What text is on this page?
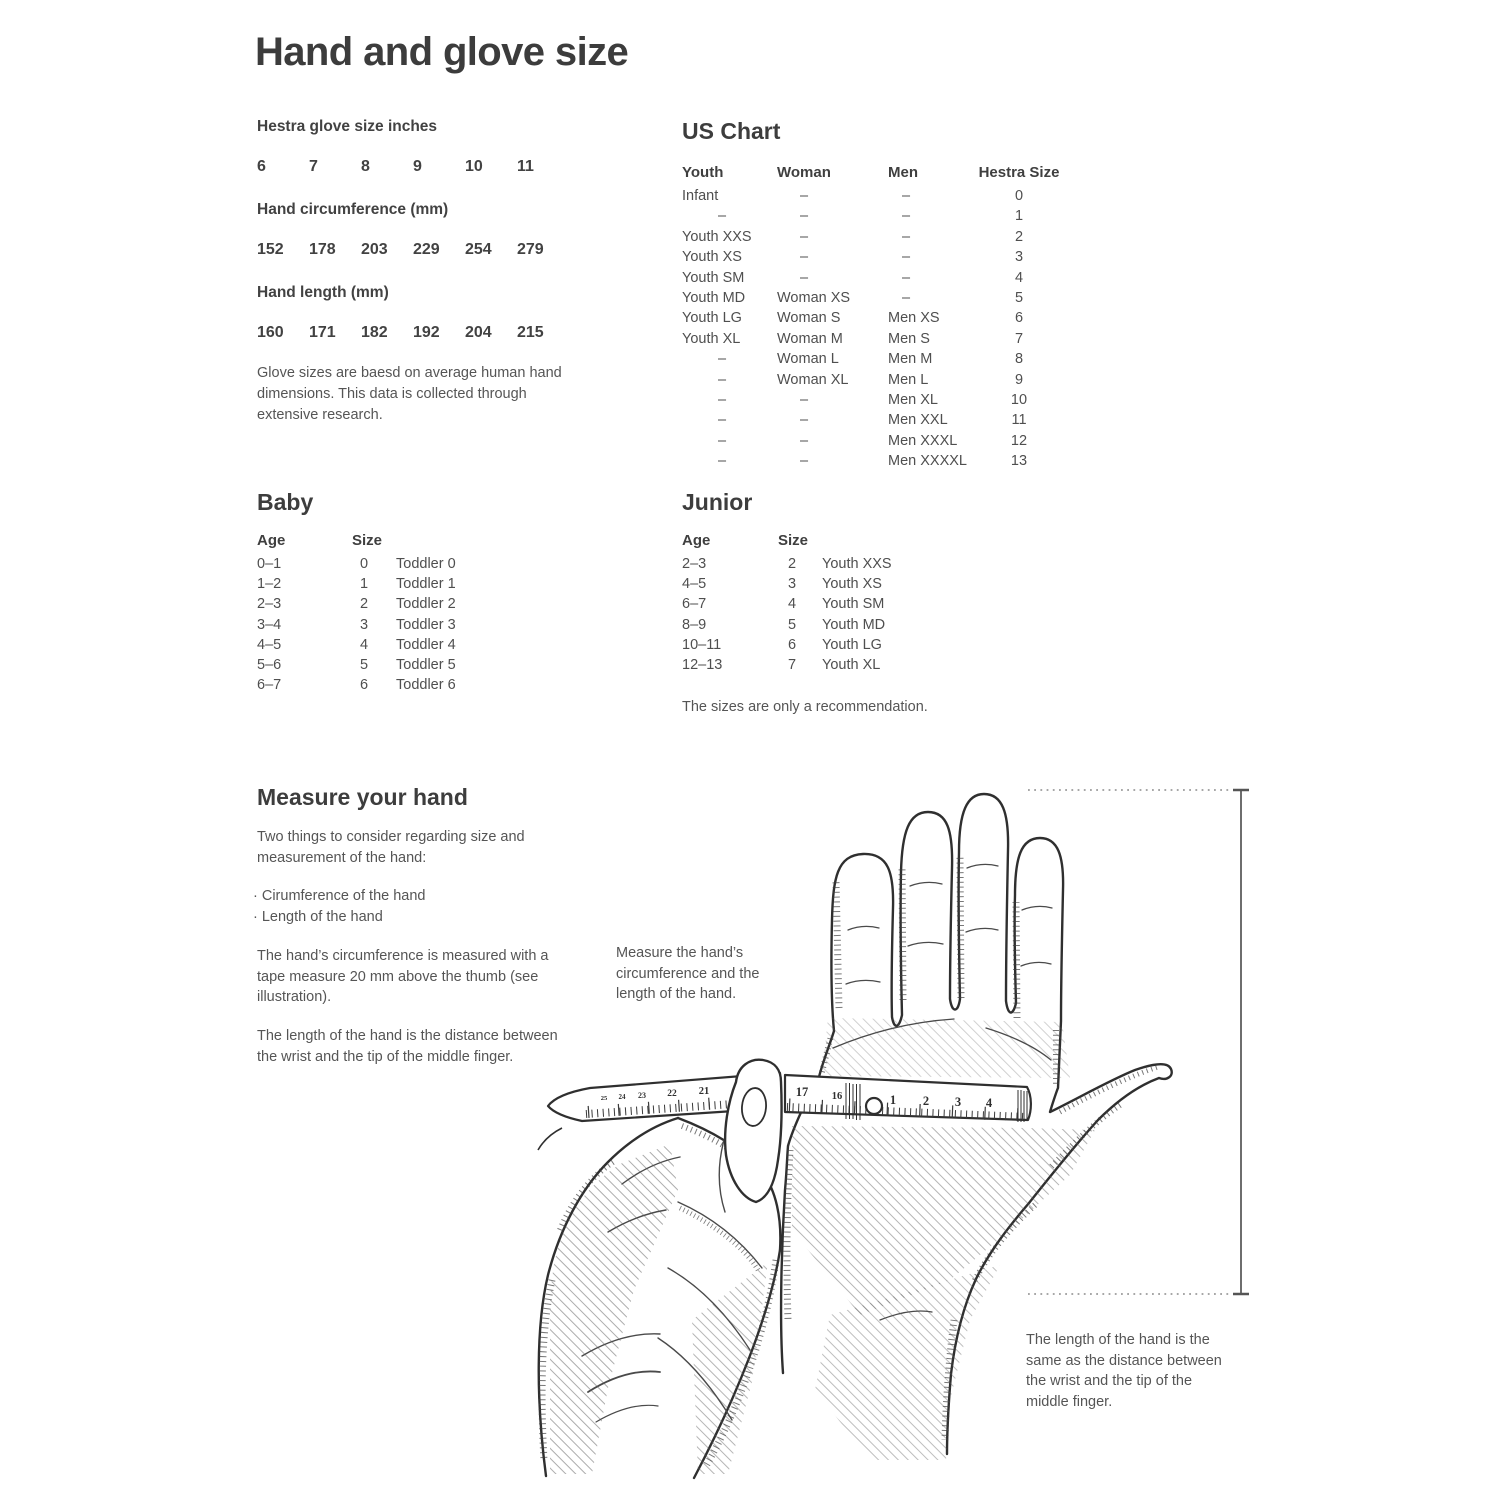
Hand and glove size
Hestra glove size inches
6	7	8	9	10	11
Hand circumference (mm)
152	178	203	229	254	279
Hand length (mm)
160	171	182	192	204	215
Glove sizes are baesd on average human hand dimensions. This data is collected through extensive research.
US Chart
Youth	Woman	Men	Hestra Size
Infant	–	–	0
–	–	–	1
Youth XXS	–	–	2
Youth XS	–	–	3
Youth SM	–	–	4
Youth MD	Woman XS	–	5
Youth LG	Woman S	Men XS	6
Youth XL	Woman M	Men S	7
–	Woman L	Men M	8
–	Woman XL	Men L	9
–	–	Men XL	10
–	–	Men XXL	11
–	–	Men XXXL	12
–	–	Men XXXXL	13
Baby
Age	Size	
0–1	0	Toddler 0
1–2	1	Toddler 1
2–3	2	Toddler 2
3–4	3	Toddler 3
4–5	4	Toddler 4
5–6	5	Toddler 5
6–7	6	Toddler 6
Junior
Age	Size	
2–3	2	Youth XXS
4–5	3	Youth XS
6–7	4	Youth SM
8–9	5	Youth MD
10–11	6	Youth LG
12–13	7	Youth XL
The sizes are only a recommendation.
Measure your hand
Two things to consider regarding size and measurement of the hand:
· Cirumference of the hand
· Length of the hand
The hand’s circumference is measured with a tape measure 20 mm above the thumb (see illustration).
The length of the hand is the distance between the wrist and the tip of the middle finger.
Measure the hand’s circumference and the length of the hand.
The length of the hand is the same as the distance between the wrist and the tip of the middle finger.
17 16	1 2 3 4
25 24 23 22 21
